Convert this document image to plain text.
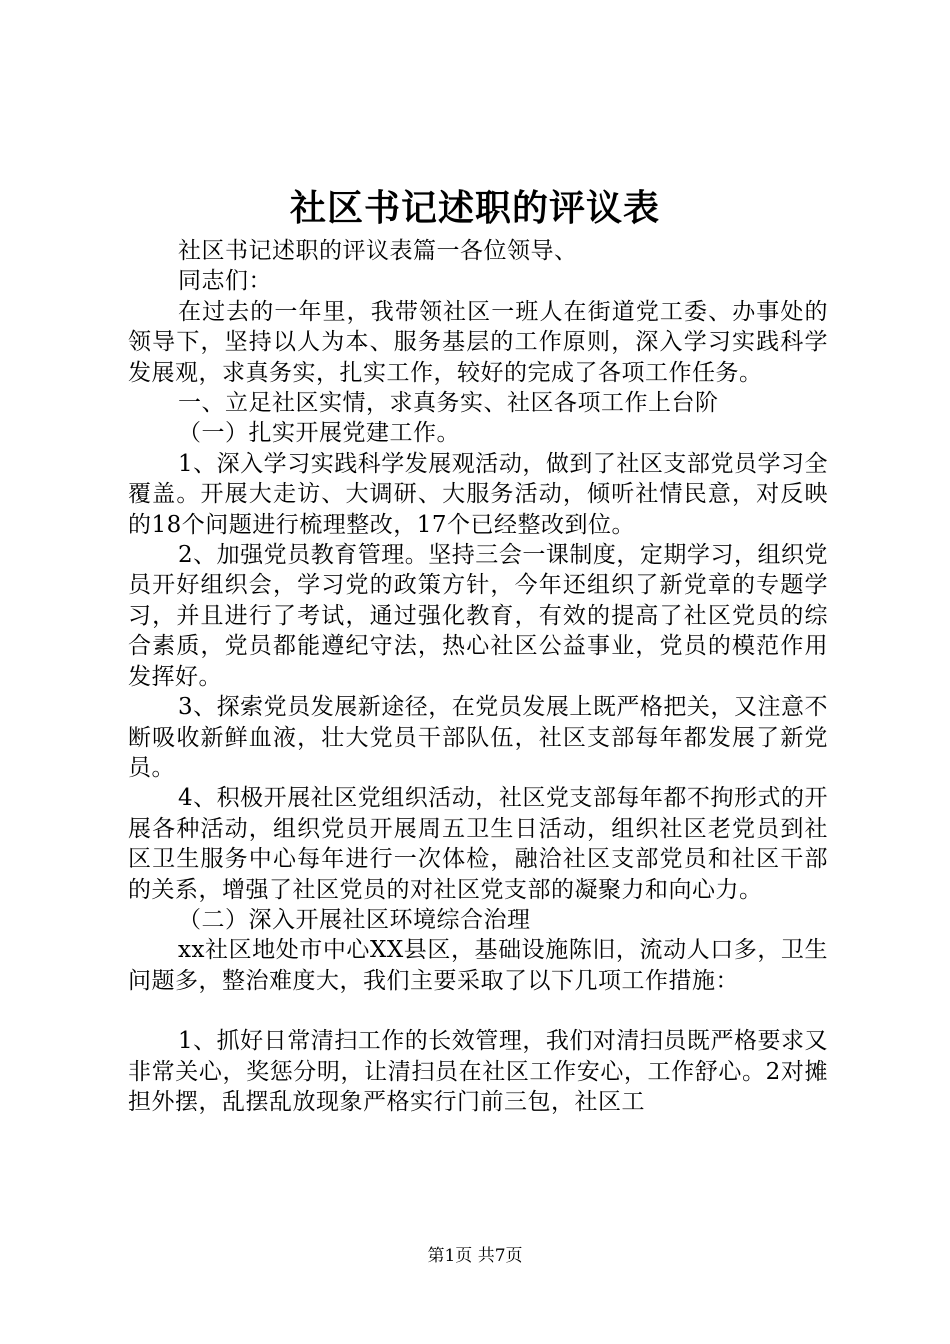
社区书记述职的评议表

社区书记述职的评议表篇一各位领导、

同志们：

在过去的一年里，我带领社区一班人在街道党工委、办事处的领导下，坚持以人为本、服务基层的工作原则，深入学习实践科学发展观，求真务实，扎实工作，较好的完成了各项工作任务。

一、立足社区实情，求真务实、社区各项工作上台阶

（一）扎实开展党建工作。

1、深入学习实践科学发展观活动，做到了社区支部党员学习全覆盖。开展大走访、大调研、大服务活动，倾听社情民意，对反映的18个问题进行梳理整改，17个已经整改到位。

2、加强党员教育管理。坚持三会一课制度，定期学习，组织党员开好组织会，学习党的政策方针，今年还组织了新党章的专题学习，并且进行了考试，通过强化教育，有效的提高了社区党员的综合素质，党员都能遵纪守法，热心社区公益事业，党员的模范作用发挥好。

3、探索党员发展新途径，在党员发展上既严格把关，又注意不断吸收新鲜血液，壮大党员干部队伍，社区支部每年都发展了新党员。

4、积极开展社区党组织活动，社区党支部每年都不拘形式的开展各种活动，组织党员开展周五卫生日活动，组织社区老党员到社区卫生服务中心每年进行一次体检，融洽社区支部党员和社区干部的关系，增强了社区党员的对社区党支部的凝聚力和向心力。

（二）深入开展社区环境综合治理

xx社区地处市中心XX县区，基础设施陈旧，流动人口多，卫生问题多，整治难度大，我们主要采取了以下几项工作措施：

1、抓好日常清扫工作的长效管理，我们对清扫员既严格要求又非常关心，奖惩分明，让清扫员在社区工作安心，工作舒心。2对摊担外摆，乱摆乱放现象严格实行门前三包，社区工

第1页 共7页
